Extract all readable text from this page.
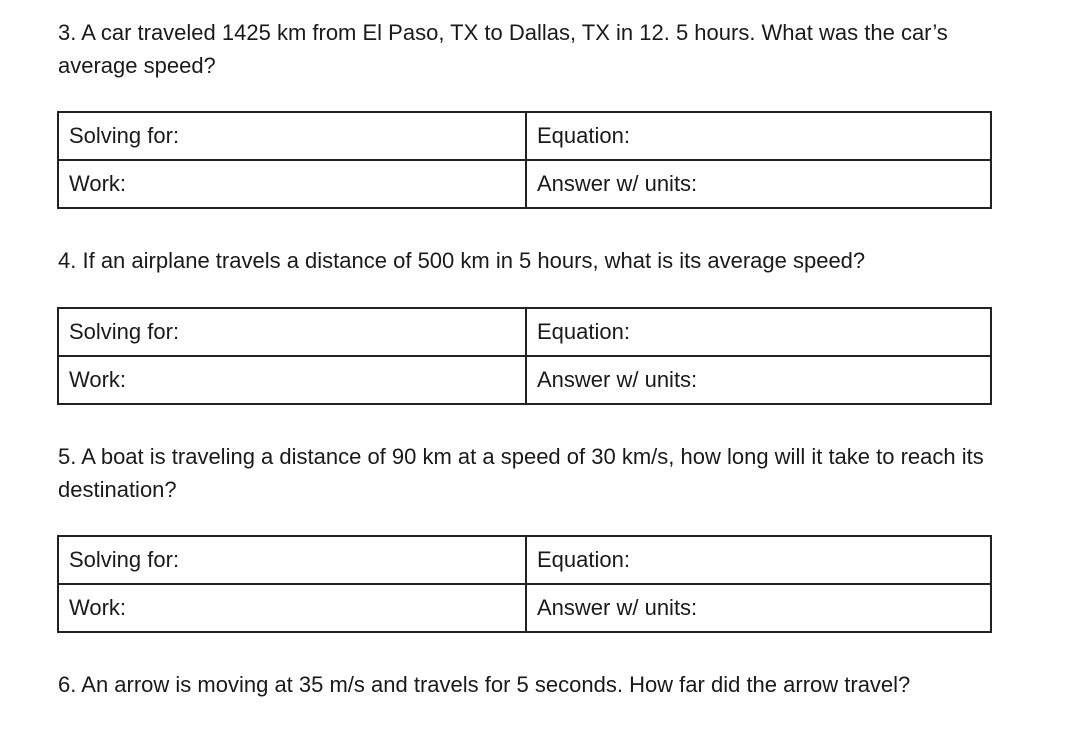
3. A car traveled 1425 km from El Paso, TX to Dallas, TX in 12. 5 hours. What was the car’s average speed?

Solving for:	Equation:
Work:	Answer w/ units:

4. If an airplane travels a distance of 500 km in 5 hours, what is its average speed?

Solving for:	Equation:
Work:	Answer w/ units:

5. A boat is traveling a distance of 90 km at a speed of 30 km/s, how long will it take to reach its destination?

Solving for:	Equation:
Work:	Answer w/ units:

6. An arrow is moving at 35 m/s and travels for 5 seconds. How far did the arrow travel?
